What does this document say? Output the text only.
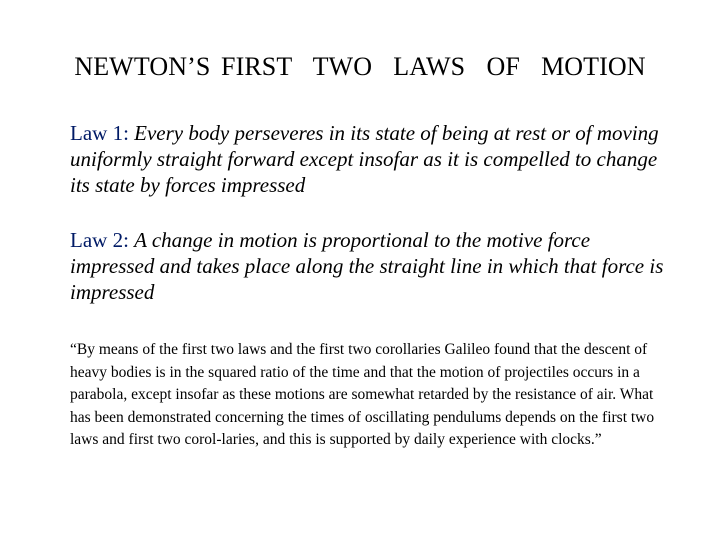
NEWTON’S FIRST  TWO  LAWS  OF  MOTION
Law 1: Every body perseveres in its state of being at rest or of moving uniformly straight forward except insofar as it is compelled to change its state by forces impressed
Law 2: A change in motion is proportional to the motive force impressed and takes place along the straight line in which that force is impressed
“By means of the first two laws and the first two corollaries Galileo found that the descent of heavy bodies is in the squared ratio of the time and that the motion of projectiles occurs in a parabola, except insofar as these motions are somewhat retarded by the resistance of air. What has been demonstrated concerning the times of oscillating pendulums depends on the first two laws and first two corol-laries, and this is supported by daily experience with clocks.”
